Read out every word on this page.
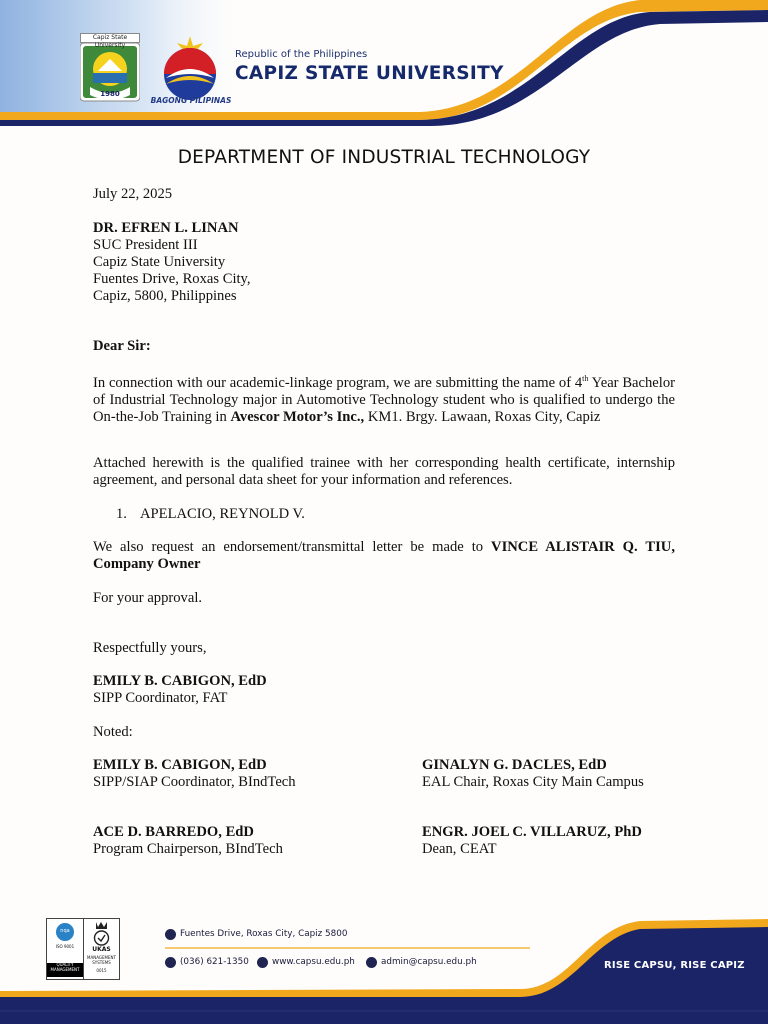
Capiz State University
1980
BAGONG PILIPINAS
Republic of the Philippines
CAPIZ STATE UNIVERSITY
DEPARTMENT OF INDUSTRIAL TECHNOLOGY
July 22, 2025
DR. EFREN L. LINAN
SUC President III
Capiz State University
Fuentes Drive, Roxas City,
Capiz, 5800, Philippines
Dear Sir:
In connection with our academic-linkage program, we are submitting the name of 4th Year Bachelor of Industrial Technology major in Automotive Technology student who is qualified to undergo the On-the-Job Training in Avescor Motor’s Inc., KM1. Brgy. Lawaan, Roxas City, Capiz
Attached herewith is the qualified trainee with her corresponding health certificate, internship agreement, and personal data sheet for your information and references.
1. APELACIO, REYNOLD V.
We also request an endorsement/transmittal letter be made to VINCE ALISTAIR Q. TIU, Company Owner
For your approval.
Respectfully yours,
EMILY B. CABIGON, EdD
SIPP Coordinator, FAT
Noted:
EMILY B. CABIGON, EdD
SIPP/SIAP Coordinator, BIndTech
GINALYN G. DACLES, EdD
EAL Chair, Roxas City Main Campus
ACE D. BARREDO, EdD
Program Chairperson, BIndTech
ENGR. JOEL C. VILLARUZ, PhD
Dean, CEAT
nqa
ISO 9001
QUALITY MANAGEMENT
UKAS
MANAGEMENT SYSTEMS
0015
Fuentes Drive, Roxas City, Capiz 5800
(036) 621-1350	www.capsu.edu.ph	admin@capsu.edu.ph	RISE CAPSU, RISE CAPIZ
